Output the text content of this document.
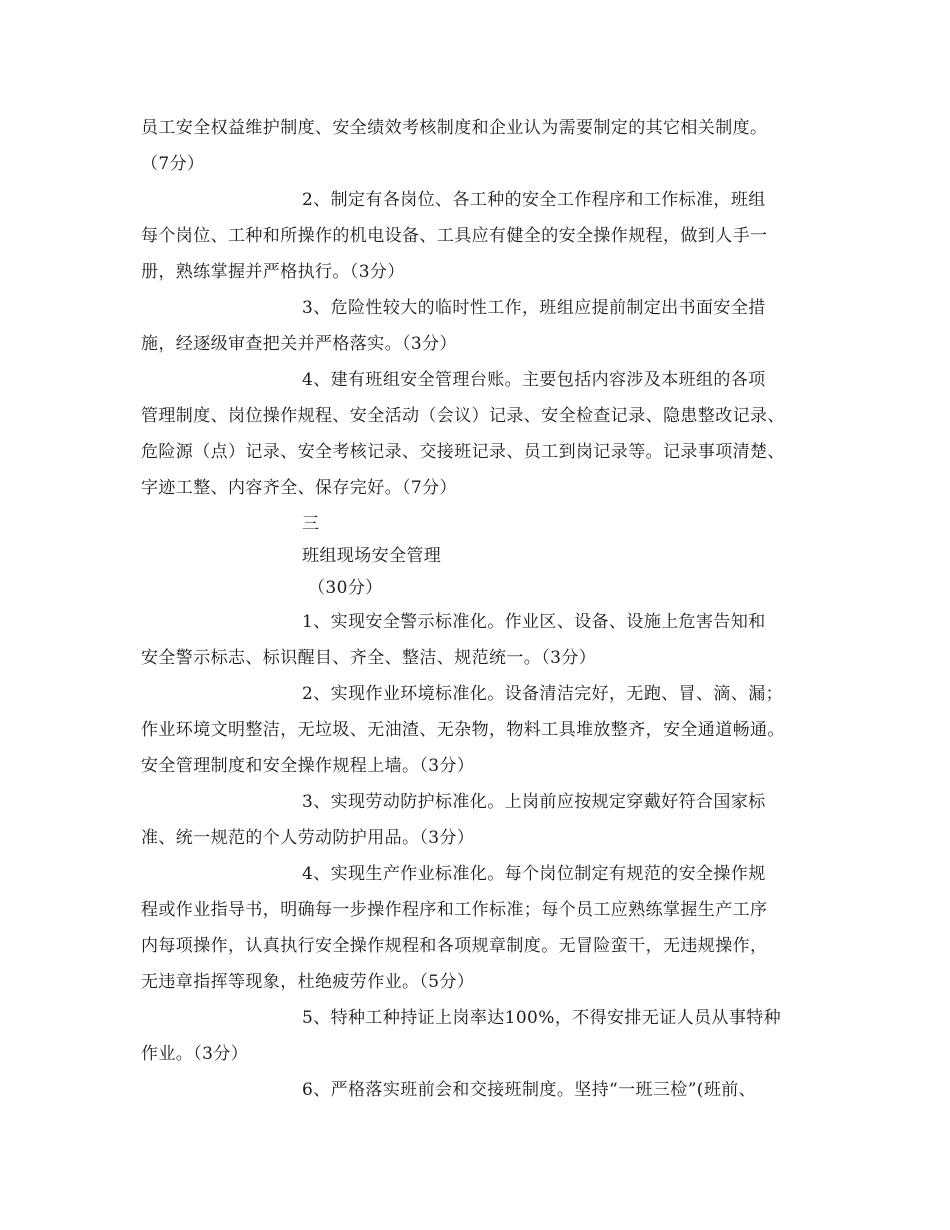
员工安全权益维护制度、安全绩效考核制度和企业认为需要制定的其它相关制度。
（7分）
2、制定有各岗位、各工种的安全工作程序和工作标准，班组
每个岗位、工种和所操作的机电设备、工具应有健全的安全操作规程，做到人手一
册，熟练掌握并严格执行。（3分）
3、危险性较大的临时性工作，班组应提前制定出书面安全措
施，经逐级审查把关并严格落实。（3分）
4、建有班组安全管理台账。主要包括内容涉及本班组的各项
管理制度、岗位操作规程、安全活动（会议）记录、安全检查记录、隐患整改记录、
危险源（点）记录、安全考核记录、交接班记录、员工到岗记录等。记录事项清楚、
字迹工整、内容齐全、保存完好。（7分）
三
班组现场安全管理
（30分）
1、实现安全警示标准化。作业区、设备、设施上危害告知和
安全警示标志、标识醒目、齐全、整洁、规范统一。（3分）
2、实现作业环境标准化。设备清洁完好，无跑、冒、滴、漏；
作业环境文明整洁，无垃圾、无油渣、无杂物，物料工具堆放整齐，安全通道畅通。
安全管理制度和安全操作规程上墙。（3分）
3、实现劳动防护标准化。上岗前应按规定穿戴好符合国家标
准、统一规范的个人劳动防护用品。（3分）
4、实现生产作业标准化。每个岗位制定有规范的安全操作规
程或作业指导书，明确每一步操作程序和工作标准；每个员工应熟练掌握生产工序
内每项操作，认真执行安全操作规程和各项规章制度。无冒险蛮干，无违规操作，
无违章指挥等现象，杜绝疲劳作业。（5分）
5、特种工种持证上岗率达100%，不得安排无证人员从事特种
作业。（3分）
6、严格落实班前会和交接班制度。坚持“一班三检”(班前、
